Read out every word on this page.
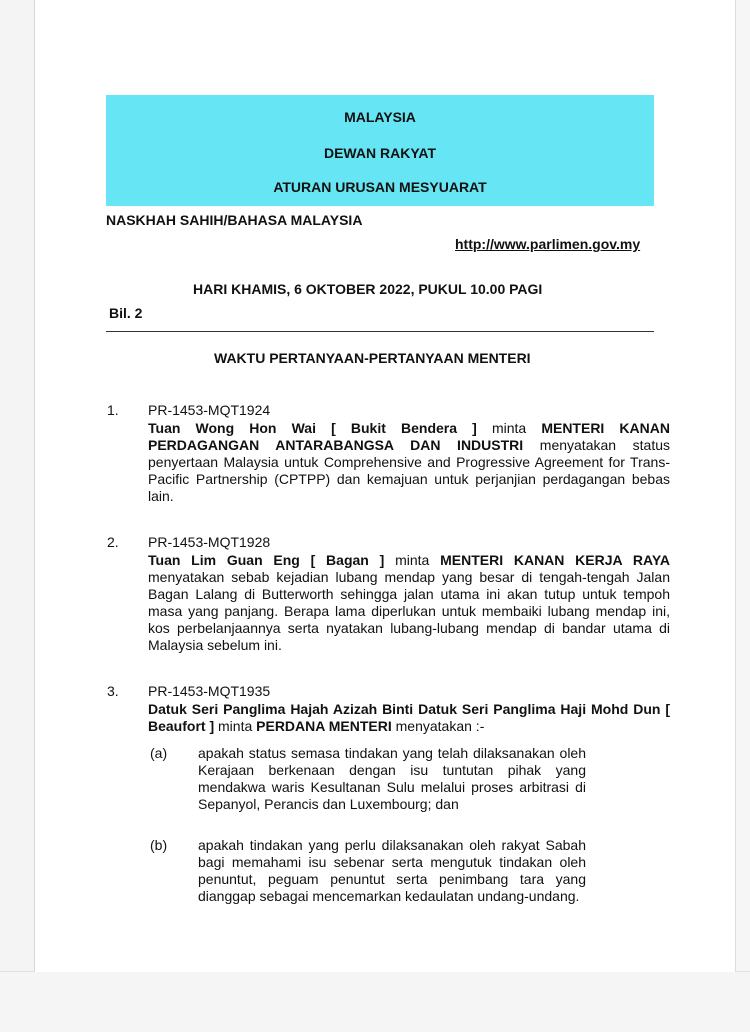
MALAYSIA
DEWAN RAKYAT
ATURAN URUSAN MESYUARAT
NASKHAH SAHIH/BAHASA MALAYSIA
http://www.parlimen.gov.my
HARI KHAMIS, 6 OKTOBER 2022, PUKUL 10.00 PAGI
Bil. 2
WAKTU PERTANYAAN-PERTANYAAN MENTERI
1. PR-1453-MQT1924

Tuan Wong Hon Wai [ Bukit Bendera ] minta MENTERI KANAN PERDAGANGAN ANTARABANGSA DAN INDUSTRI menyatakan status penyertaan Malaysia untuk Comprehensive and Progressive Agreement for Trans-Pacific Partnership (CPTPP) dan kemajuan untuk perjanjian perdagangan bebas lain.

2. PR-1453-MQT1928

Tuan Lim Guan Eng [ Bagan ] minta MENTERI KANAN KERJA RAYA menyatakan sebab kejadian lubang mendap yang besar di tengah-tengah Jalan Bagan Lalang di Butterworth sehingga jalan utama ini akan tutup untuk tempoh masa yang panjang. Berapa lama diperlukan untuk membaiki lubang mendap ini, kos perbelanjaannya serta nyatakan lubang-lubang mendap di bandar utama di Malaysia sebelum ini.

3. PR-1453-MQT1935

Datuk Seri Panglima Hajah Azizah Binti Datuk Seri Panglima Haji Mohd Dun [ Beaufort ] minta PERDANA MENTERI menyatakan :-

(a) apakah status semasa tindakan yang telah dilaksanakan oleh Kerajaan berkenaan dengan isu tuntutan pihak yang mendakwa waris Kesultanan Sulu melalui proses arbitrasi di Sepanyol, Perancis dan Luxembourg; dan

(b) apakah tindakan yang perlu dilaksanakan oleh rakyat Sabah bagi memahami isu sebenar serta mengutuk tindakan oleh penuntut, peguam penuntut serta penimbang tara yang dianggap sebagai mencemarkan kedaulatan undang-undang.
